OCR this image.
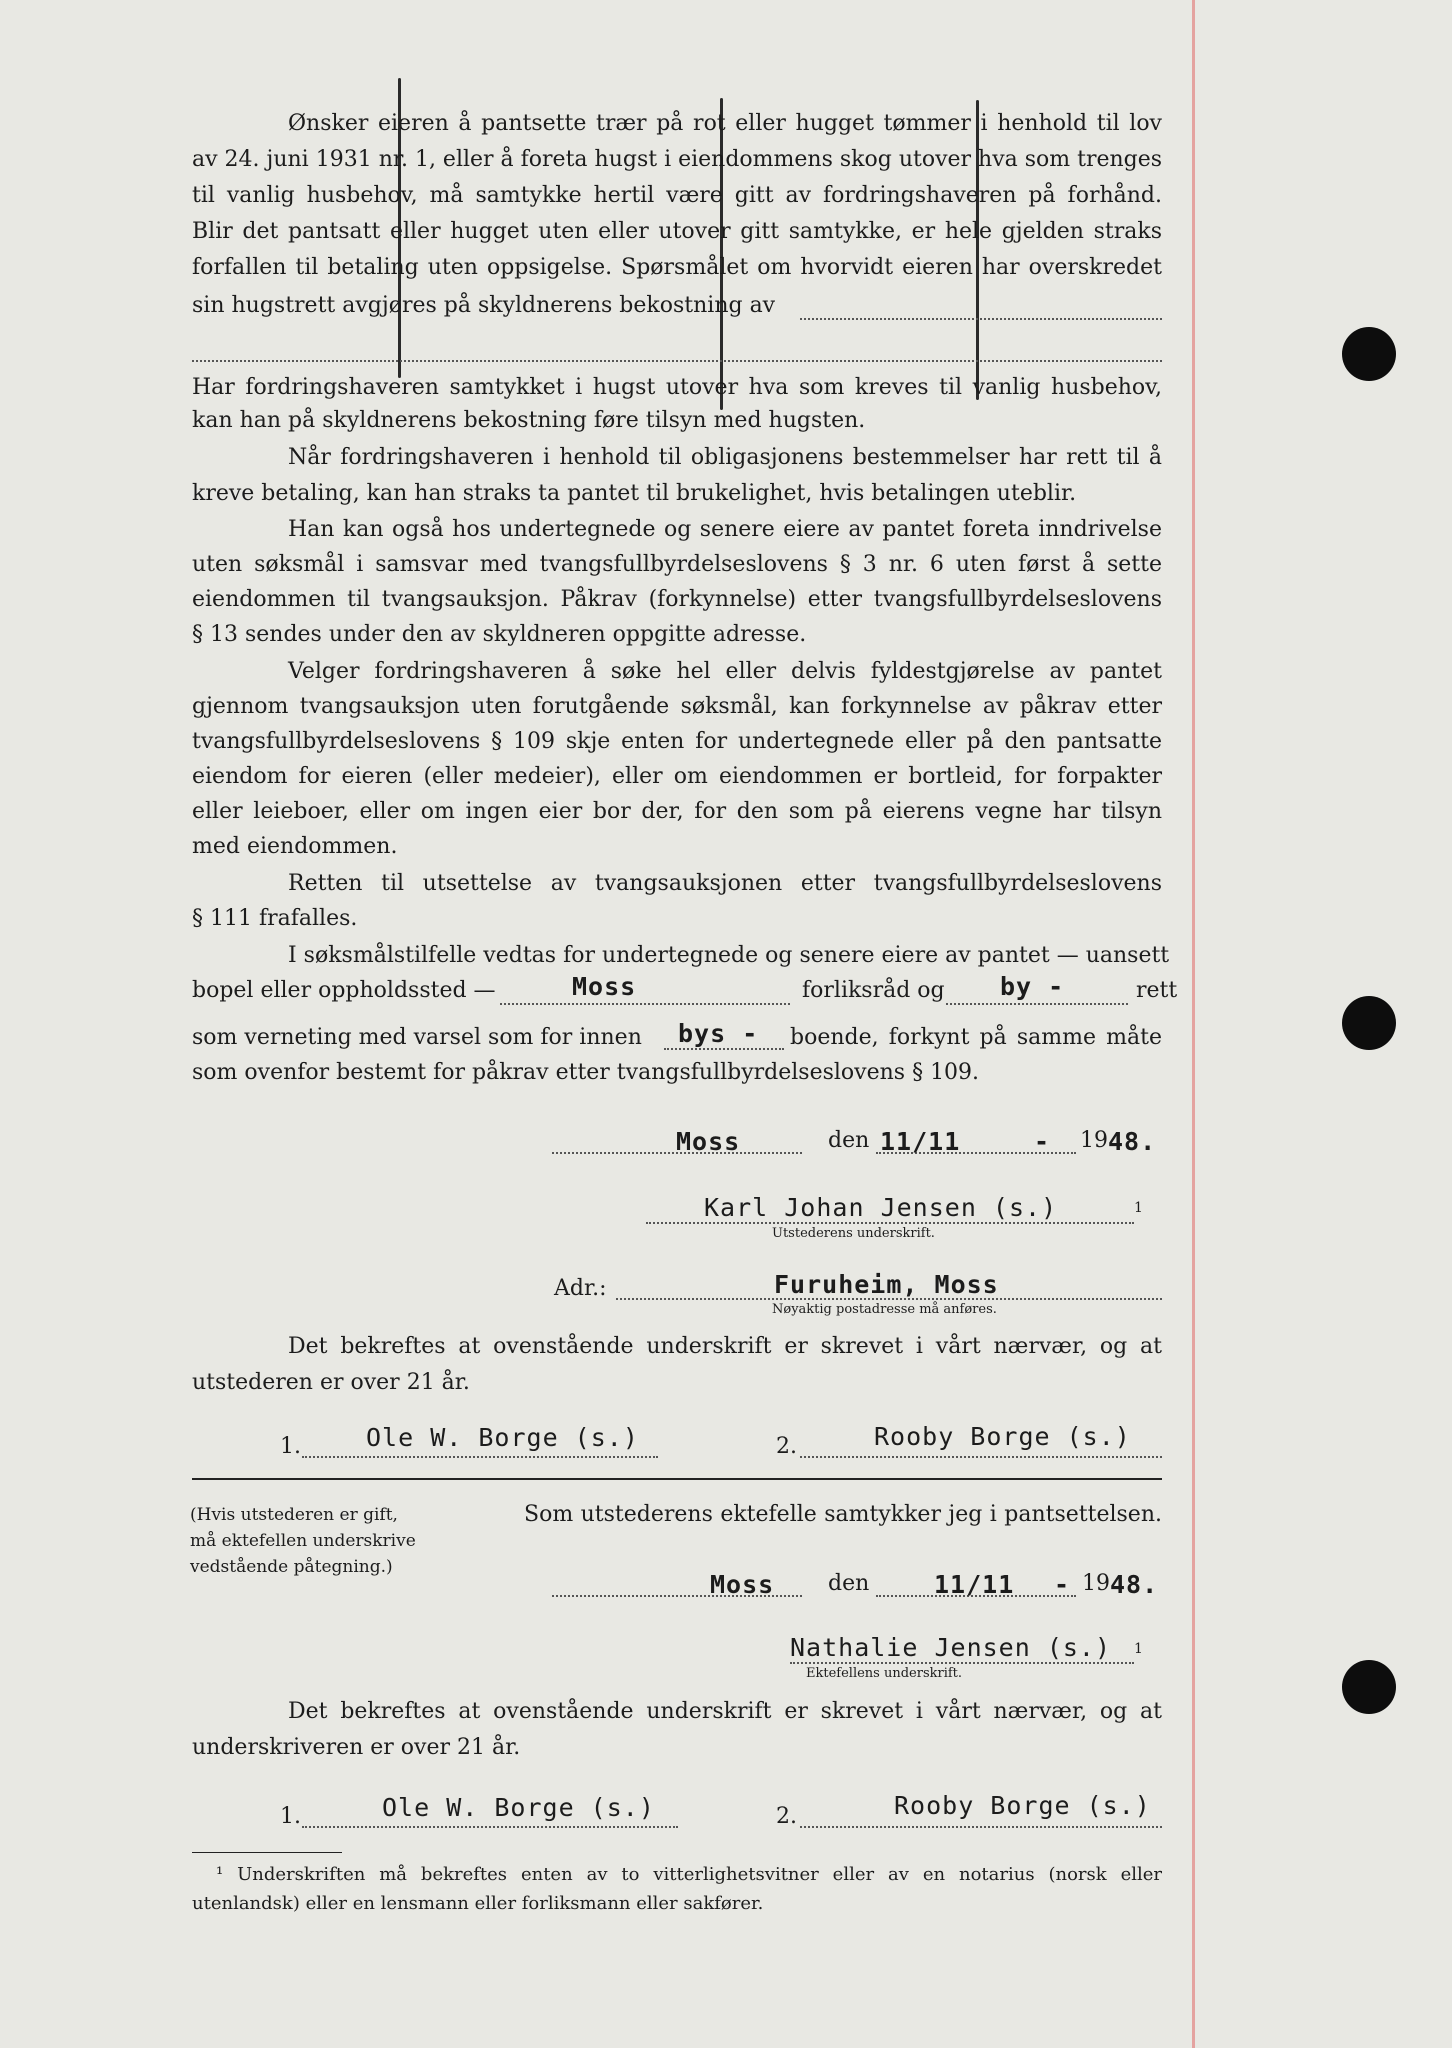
Ønsker eieren å pantsette trær på rot eller hugget tømmer i henhold til lov
av 24. juni 1931 nr. 1, eller å foreta hugst i eiendommens skog utover hva som trenges
til vanlig husbehov, må samtykke hertil være gitt av fordringshaveren på forhånd.
Blir det pantsatt eller hugget uten eller utover gitt samtykke, er hele gjelden straks
forfallen til betaling uten oppsigelse. Spørsmålet om hvorvidt eieren har overskredet
sin hugstrett avgjøres på skyldnerens bekostning av
Har fordringshaveren samtykket i hugst utover hva som kreves til vanlig husbehov,
kan han på skyldnerens bekostning føre tilsyn med hugsten.
Når fordringshaveren i henhold til obligasjonens bestemmelser har rett til å
kreve betaling, kan han straks ta pantet til brukelighet, hvis betalingen uteblir.
Han kan også hos undertegnede og senere eiere av pantet foreta inndrivelse
uten søksmål i samsvar med tvangsfullbyrdelseslovens § 3 nr. 6 uten først å sette
eiendommen til tvangsauksjon. Påkrav (forkynnelse) etter tvangsfullbyrdelseslovens
§ 13 sendes under den av skyldneren oppgitte adresse.
Velger fordringshaveren å søke hel eller delvis fyldestgjørelse av pantet
gjennom tvangsauksjon uten forutgående søksmål, kan forkynnelse av påkrav etter
tvangsfullbyrdelseslovens § 109 skje enten for undertegnede eller på den pantsatte
eiendom for eieren (eller medeier), eller om eiendommen er bortleid, for forpakter
eller leieboer, eller om ingen eier bor der, for den som på eierens vegne har tilsyn
med eiendommen.
Retten til utsettelse av tvangsauksjonen etter tvangsfullbyrdelseslovens
§ 111 frafalles.
I søksmålstilfelle vedtas for undertegnede og senere eiere av pantet — uansett
bopel eller oppholdssted —	Moss	forliksråd og by -	rett
som verneting med varsel som for innen bys - boende, forkynt på samme måte
som ovenfor bestemt for påkrav etter tvangsfullbyrdelseslovens § 109.
Moss	den 11/11	- 19 48.
Karl Johan Jensen (s.)	1
Utstederens underskrift.
Adr.:	Furuheim, Moss
Nøyaktig postadresse må anføres.
Det bekreftes at ovenstående underskrift er skrevet i vårt nærvær, og at
utstederen er over 21 år.
1.	Ole W. Borge (s.)	2.	Rooby Borge (s.)
(Hvis utstederen er gift,
må ektefellen underskrive
vedstående påtegning.)
Som utstederens ektefelle samtykker jeg i pantsettelsen.
Moss den	11/11 - 19 48.
Nathalie Jensen (s.) 1
Ektefellens underskrift.
Det bekreftes at ovenstående underskrift er skrevet i vårt nærvær, og at
underskriveren er over 21 år.
1.	Ole W. Borge (s.)	2.	Rooby Borge (s.)
¹ Underskriften må bekreftes enten av to vitterlighetsvitner eller av en notarius (norsk eller
utenlandsk) eller en lensmann eller forliksmann eller sakfører.
